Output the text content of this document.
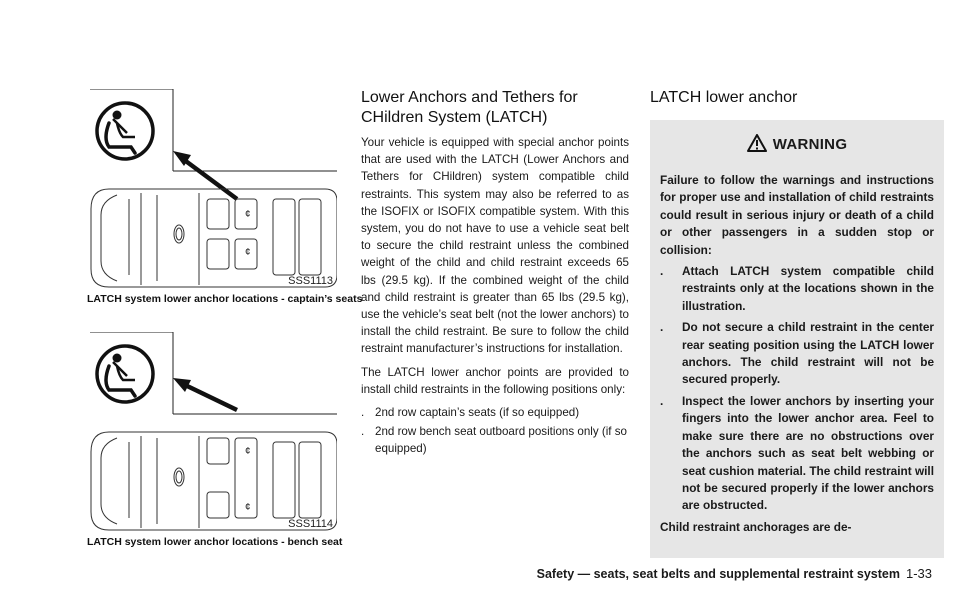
¢
¢
SSS1113
LATCH system lower anchor locations - captain’s seats
¢
¢
SSS1114
LATCH system lower anchor locations - bench seat
Lower Anchors and Tethers for CHildren System (LATCH)

Your vehicle is equipped with special anchor points that are used with the LATCH (Lower Anchors and Tethers for CHildren) system compatible child restraints. This system may also be referred to as the ISOFIX or ISOFIX compatible system. With this system, you do not have to use a vehicle seat belt to secure the child restraint unless the combined weight of the child and child restraint exceeds 65 lbs (29.5 kg). If the combined weight of the child and child restraint is greater than 65 lbs (29.5 kg), use the vehicle’s seat belt (not the lower anchors) to install the child restraint. Be sure to follow the child restraint manufacturer’s instructions for installation.

The LATCH lower anchor points are provided to install child restraints in the following positions only:

. 2nd row captain’s seats (if so equipped)
. 2nd row bench seat outboard positions only (if so equipped)
LATCH lower anchor
WARNING

Failure to follow the warnings and instructions for proper use and installation of child restraints could result in serious injury or death of a child or other passengers in a sudden stop or collision:

. Attach LATCH system compatible child restraints only at the locations shown in the illustration.
. Do not secure a child restraint in the center rear seating position using the LATCH lower anchors. The child restraint will not be secured properly.
. Inspect the lower anchors by inserting your fingers into the lower anchor area. Feel to make sure there are no obstructions over the anchors such as seat belt webbing or seat cushion material. The child restraint will not be secured properly if the lower anchors are obstructed.

Child restraint anchorages are de-

Safety — seats, seat belts and supplemental restraint system 1-33
